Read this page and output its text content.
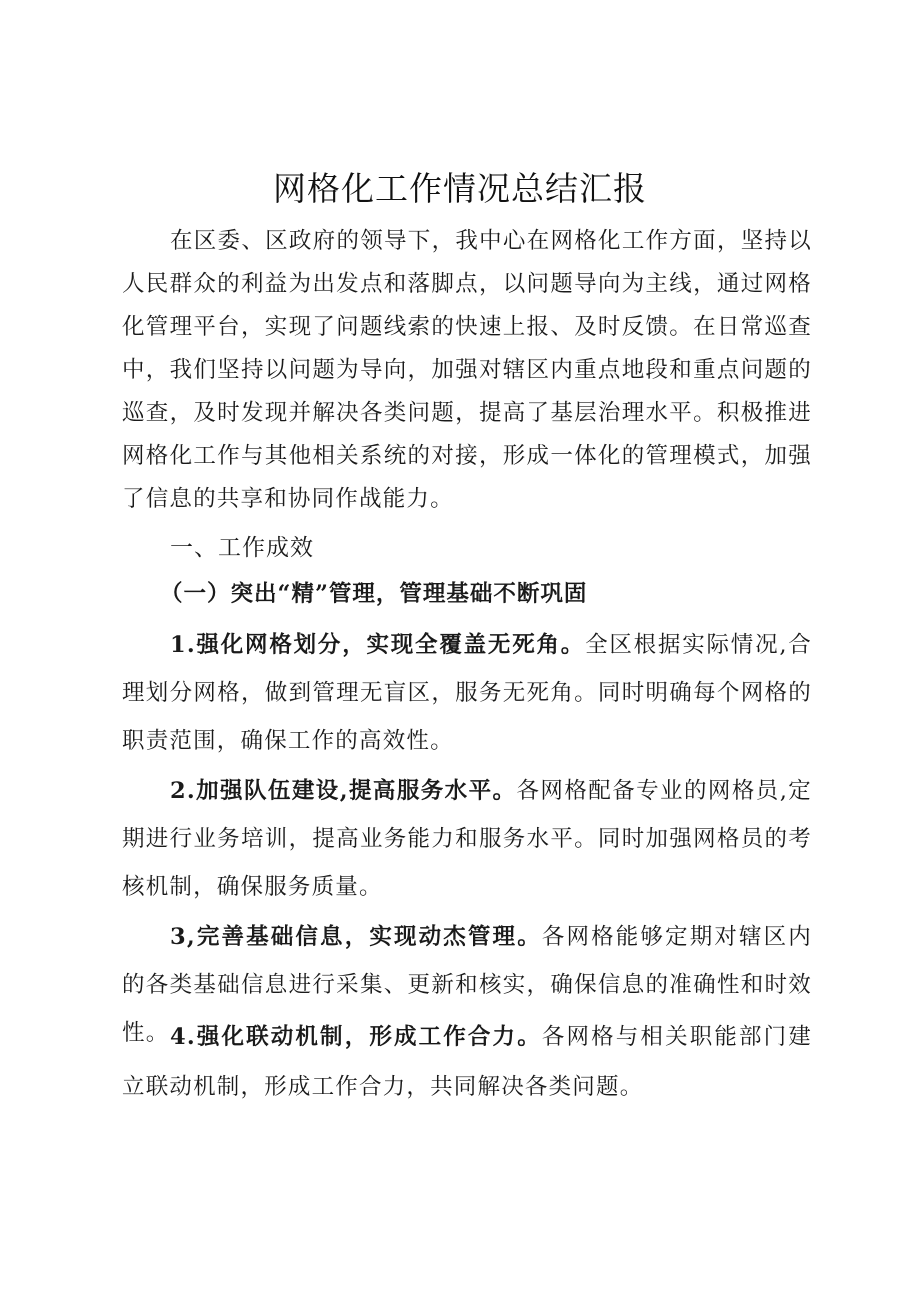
网格化工作情况总结汇报

在区委、区政府的领导下，我中心在网格化工作方面，坚持以人民群众的利益为出发点和落脚点，以问题导向为主线，通过网格化管理平台，实现了问题线索的快速上报、及时反馈。在日常巡查中，我们坚持以问题为导向，加强对辖区内重点地段和重点问题的巡查，及时发现并解决各类问题，提高了基层治理水平。积极推进网格化工作与其他相关系统的对接，形成一体化的管理模式，加强了信息的共享和协同作战能力。

一、工作成效
（一）突出“精”管理，管理基础不断巩固

1.强化网格划分，实现全覆盖无死角。全区根据实际情况,合理划分网格，做到管理无盲区，服务无死角。同时明确每个网格的职责范围，确保工作的高效性。

2.加强队伍建设,提高服务水平。各网格配备专业的网格员,定期进行业务培训，提高业务能力和服务水平。同时加强网格员的考核机制，确保服务质量。

3,完善基础信息，实现动杰管理。各网格能够定期对辖区内的各类基础信息进行采集、更新和核实，确保信息的准确性和时效性。 4.强化联动机制，形成工作合力。各网格与相关职能部门建立联动机制，形成工作合力，共同解决各类问题。
